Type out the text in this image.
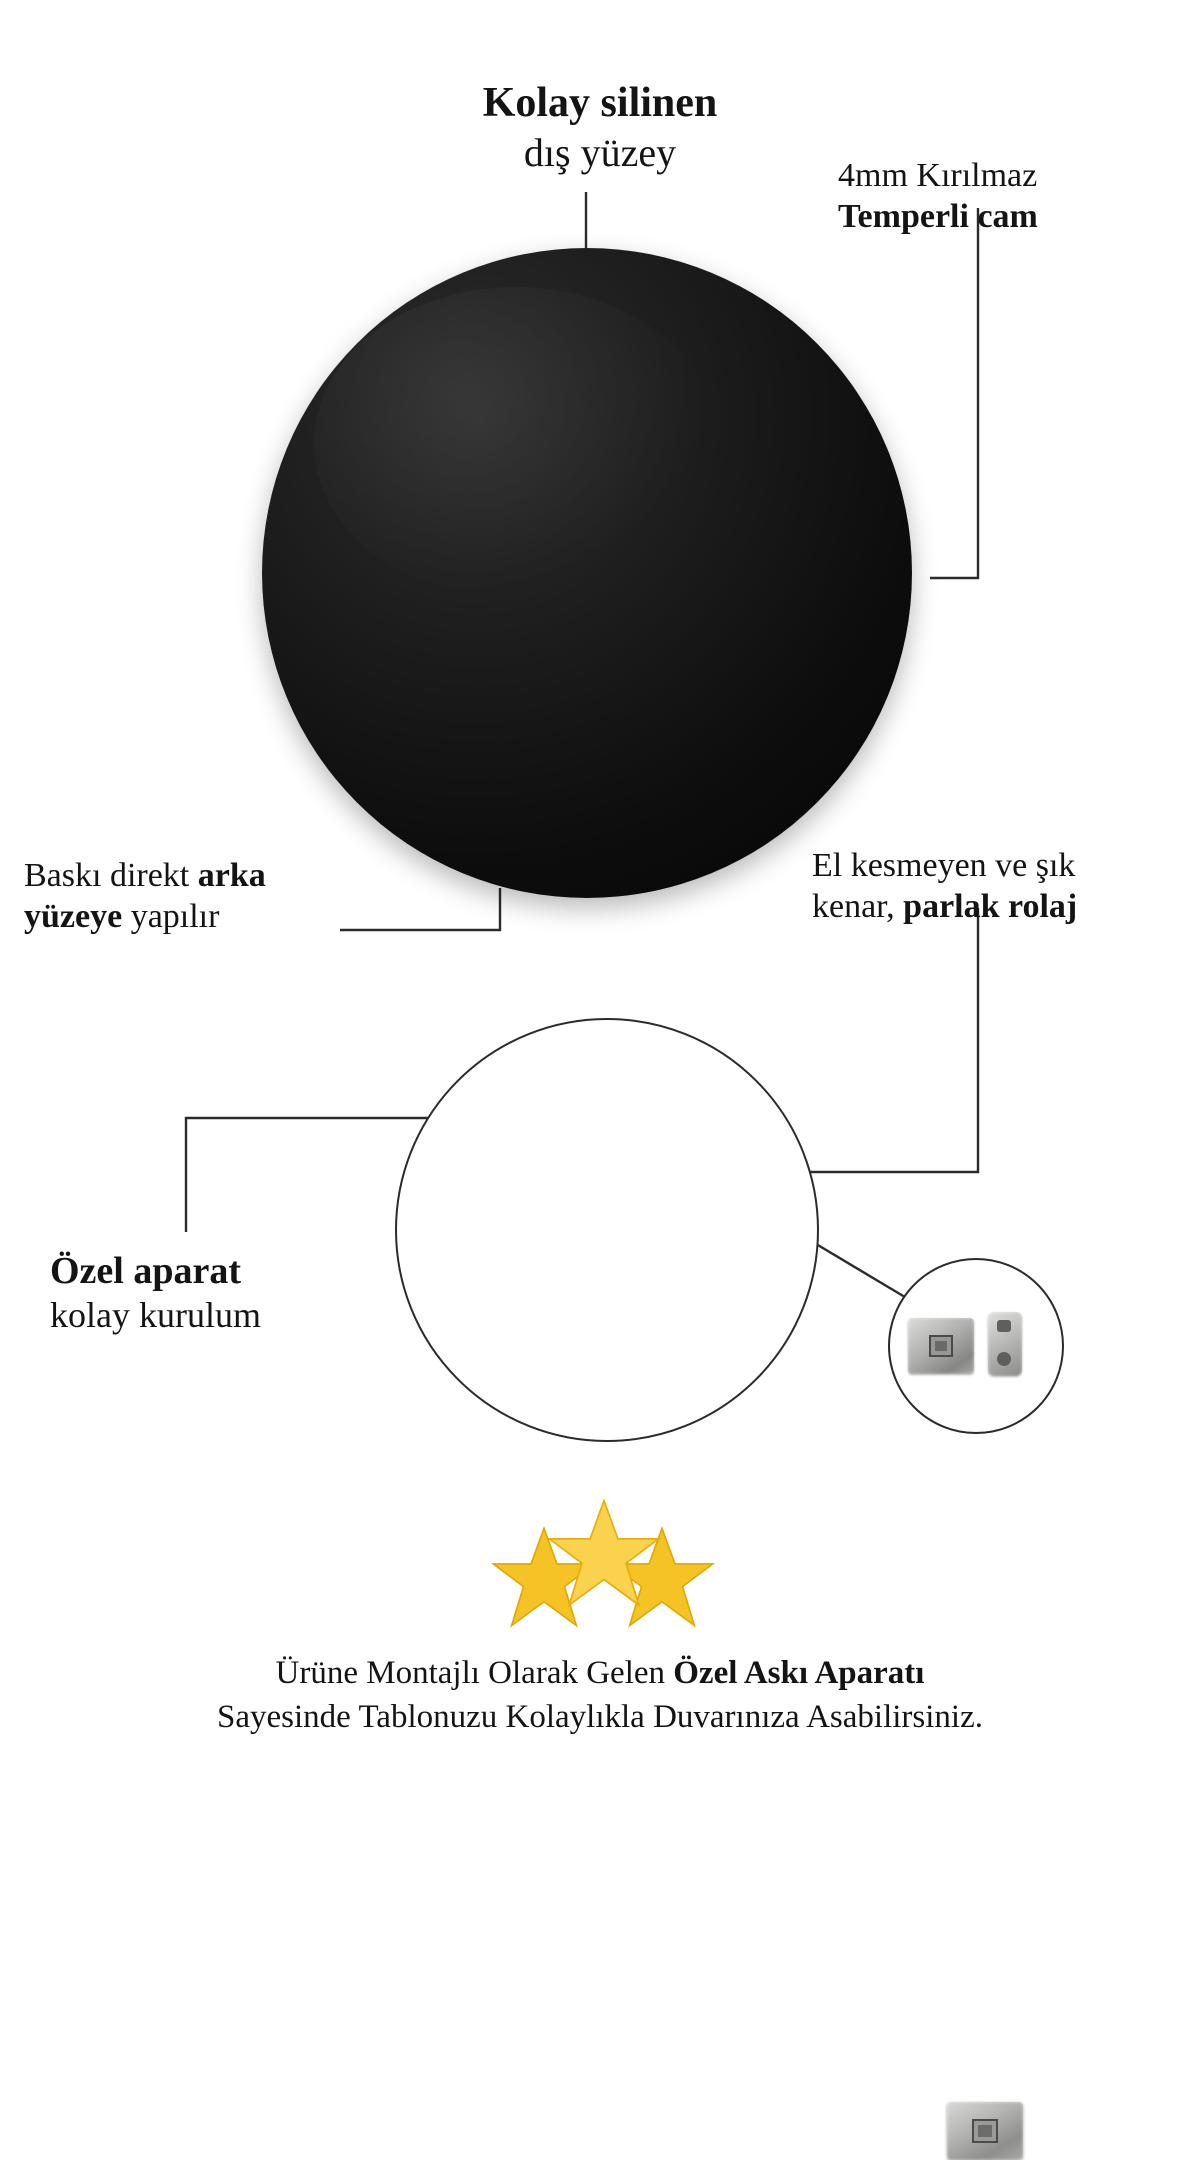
Kolay silinen
dış yüzey
4mm Kırılmaz
Temperli cam
Baskı direkt arka
yüzeye yapılır
El kesmeyen ve şık
kenar, parlak rolaj
Özel aparat
kolay kurulum
Ürüne Montajlı Olarak Gelen Özel Askı Aparatı
Sayesinde Tablonuzu Kolaylıkla Duvarınıza Asabilirsiniz.
